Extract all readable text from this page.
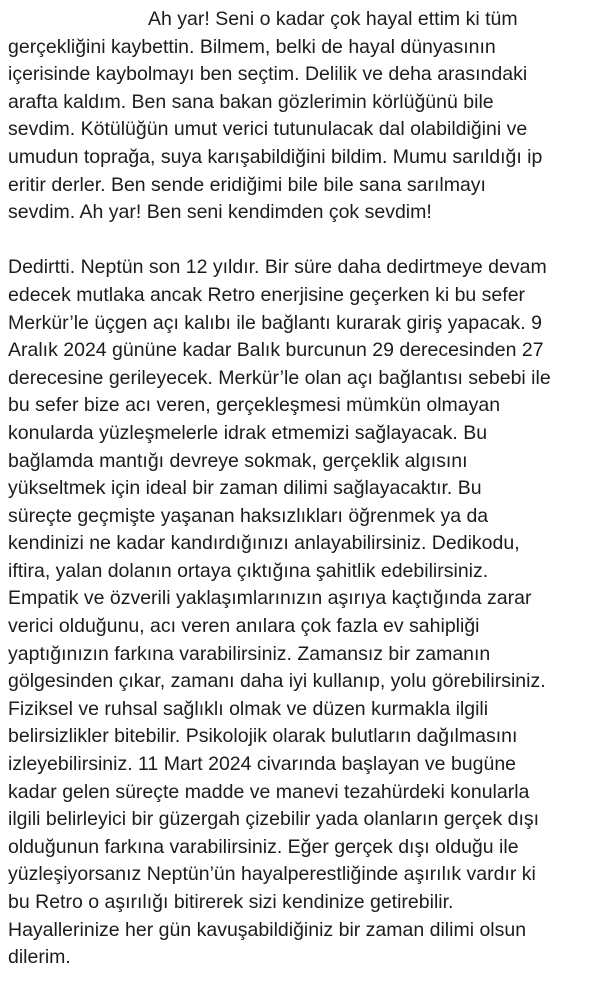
Ah yar! Seni o kadar çok hayal ettim ki tüm
gerçekliğini kaybettin. Bilmem, belki de hayal dünyasının
içerisinde kaybolmayı ben seçtim. Delilik ve deha arasındaki
arafta kaldım. Ben sana bakan gözlerimin körlüğünü bile
sevdim. Kötülüğün umut verici tutunulacak dal olabildiğini ve
umudun toprağa, suya karışabildiğini bildim. Mumu sarıldığı ip
eritir derler. Ben sende eridiğimi bile bile sana sarılmayı
sevdim. Ah yar! Ben seni kendimden çok sevdim!
Dedirtti. Neptün son 12 yıldır. Bir süre daha dedirtmeye devam
edecek mutlaka ancak Retro enerjisine geçerken ki bu sefer
Merkür’le üçgen açı kalıbı ile bağlantı kurarak giriş yapacak. 9
Aralık 2024 gününe kadar Balık burcunun 29 derecesinden 27
derecesine gerileyecek. Merkür’le olan açı bağlantısı sebebi ile
bu sefer bize acı veren, gerçekleşmesi mümkün olmayan
konularda yüzleşmelerle idrak etmemizi sağlayacak. Bu
bağlamda mantığı devreye sokmak, gerçeklik algısını
yükseltmek için ideal bir zaman dilimi sağlayacaktır. Bu
süreçte geçmişte yaşanan haksızlıkları öğrenmek ya da
kendinizi ne kadar kandırdığınızı anlayabilirsiniz. Dedikodu,
iftira, yalan dolanın ortaya çıktığına şahitlik edebilirsiniz.
Empatik ve özverili yaklaşımlarınızın aşırıya kaçtığında zarar
verici olduğunu, acı veren anılara çok fazla ev sahipliği
yaptığınızın farkına varabilirsiniz. Zamansız bir zamanın
gölgesinden çıkar, zamanı daha iyi kullanıp, yolu görebilirsiniz.
Fiziksel ve ruhsal sağlıklı olmak ve düzen kurmakla ilgili
belirsizlikler bitebilir. Psikolojik olarak bulutların dağılmasını
izleyebilirsiniz. 11 Mart 2024 civarında başlayan ve bugüne
kadar gelen süreçte madde ve manevi tezahürdeki konularla
ilgili belirleyici bir güzergah çizebilir yada olanların gerçek dışı
olduğunun farkına varabilirsiniz. Eğer gerçek dışı olduğu ile
yüzleşiyorsanız Neptün’ün hayalperestliğinde aşırılık vardır ki
bu Retro o aşırılığı bitirerek sizi kendinize getirebilir.
Hayallerinize her gün kavuşabildiğiniz bir zaman dilimi olsun
dilerim.
